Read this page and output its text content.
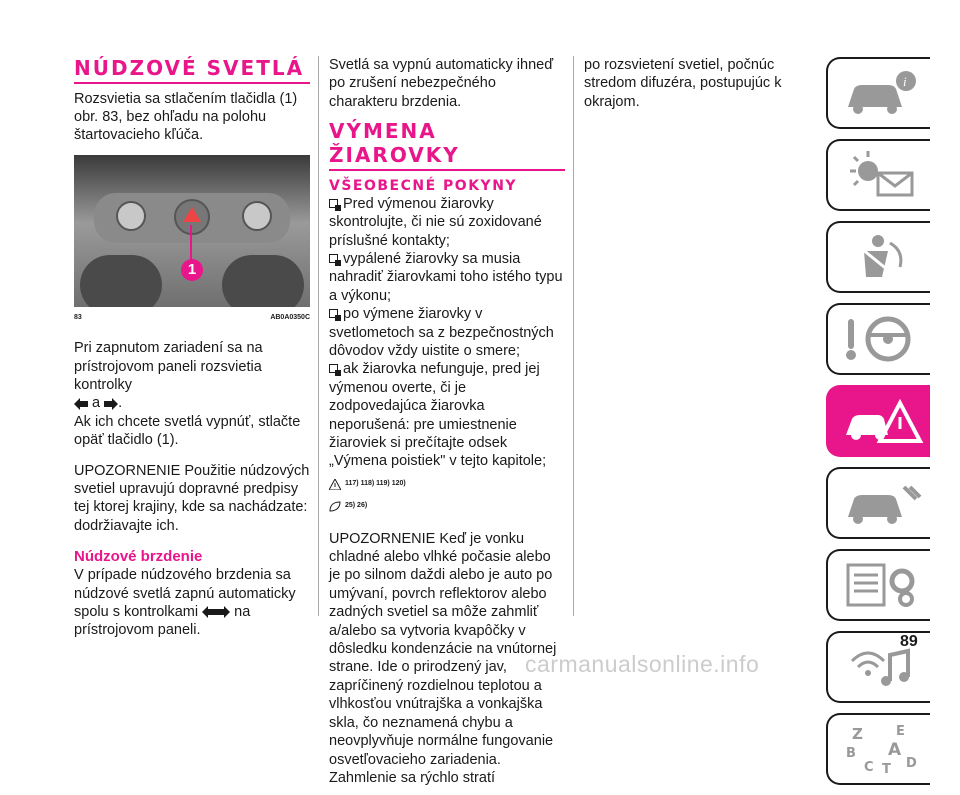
NÚDZOVÉ SVETLÁ

Rozsvietia sa stlačením tlačidla (1) obr. 83, bez ohľadu na polohu štartovacieho kľúča.

1
83	AB0A0350C

Pri zapnutom zariadení sa na prístrojovom paneli rozsvietia kontrolky
a .

Ak ich chcete svetlá vypnúť, stlačte opäť tlačidlo (1).

UPOZORNENIE Použitie núdzových svetiel upravujú dopravné predpisy tej ktorej krajiny, kde sa nachádzate: dodržiavajte ich.

Núdzové brzdenie

V prípade núdzového brzdenia sa núdzové svetlá zapnú automaticky spolu s kontrolkami na prístrojovom paneli.

Svetlá sa vypnú automaticky ihneď po zrušení nebezpečného charakteru brzdenia.

VÝMENA ŽIAROVKY
VŠEOBECNÉ POKYNY

Pred výmenou žiarovky skontrolujte, či nie sú zoxidované príslušné kontakty;

vypálené žiarovky sa musia nahradiť žiarovkami toho istého typu a výkonu;

po výmene žiarovky v svetlometoch sa z bezpečnostných dôvodov vždy uistite o smere;

ak žiarovka nefunguje, pred jej výmenou overte, či je zodpovedajúca žiarovka neporušená: pre umiestnenie žiaroviek si prečítajte odsek „Výmena poistiek" v tejto kapitole;

117) 118) 119) 120)
25) 26)

UPOZORNENIE Keď je vonku chladné alebo vlhké počasie alebo je po silnom daždi alebo je auto po umývaní, povrch reflektorov alebo zadných svetiel sa môže zahmliť a/alebo sa vytvoria kvapôčky v dôsledku kondenzácie na vnútornej strane. Ide o prirodzený jav, zapríčinený rozdielnou teplotou a vlhkosťou vnútrajška a vonkajška skla, čo neznamená chybu a neovplyvňuje normálne fungovanie osvetľovacieho zariadenia. Zahmlenie sa rýchlo stratí

po rozsvietení svetiel, počnúc stredom difuzéra, postupujúc k okrajom.

i
Z	E
B A
C T D
89
carmanualsonline.info
